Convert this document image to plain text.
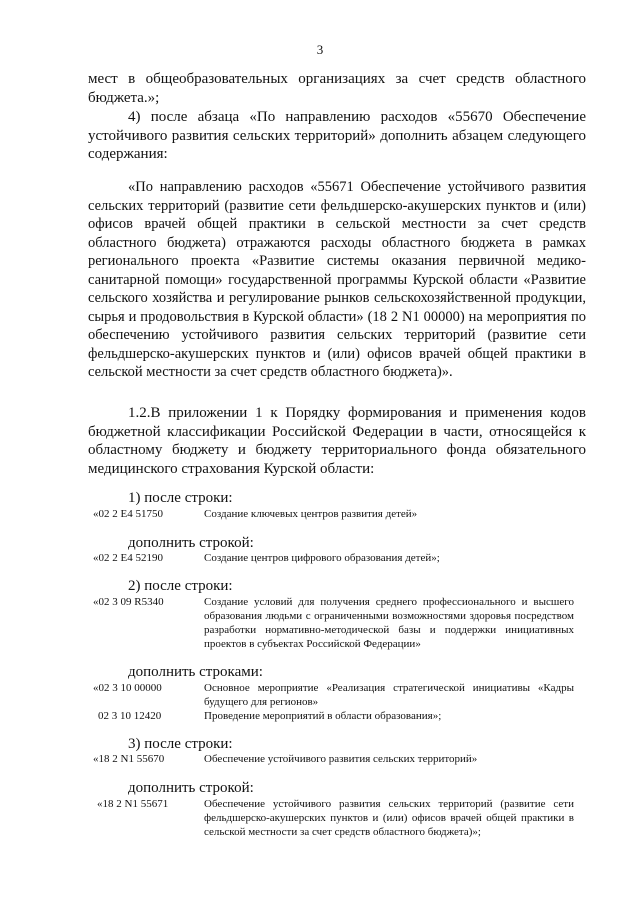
3

мест в общеобразовательных организациях за счет средств областного бюджета.»;

4) после абзаца «По направлению расходов «55670 Обеспечение устойчивого развития сельских территорий» дополнить абзацем следующего содержания:

«По направлению расходов «55671 Обеспечение устойчивого развития сельских территорий (развитие сети фельдшерско-акушерских пунктов и (или) офисов врачей общей практики в сельской местности за счет средств областного бюджета) отражаются расходы областного бюджета в рамках регионального проекта «Развитие системы оказания первичной медико-санитарной помощи» государственной программы Курской области «Развитие сельского хозяйства и регулирование рынков сельскохозяйственной продукции, сырья и продовольствия в Курской области» (18 2 N1 00000) на мероприятия по обеспечению устойчивого развития сельских территорий (развитие сети фельдшерско-акушерских пунктов и (или) офисов врачей общей практики в сельской местности за счет средств областного бюджета)».

1.2.В приложении 1 к Порядку формирования и применения кодов бюджетной классификации Российской Федерации в части, относящейся к областному бюджету и бюджету территориального фонда обязательного медицинского страхования Курской области:

1) после строки:
«02 2 E4 51750	Создание ключевых центров развития детей»
дополнить строкой:
«02 2 E4 52190	Создание центров цифрового образования детей»;
2) после строки:
«02 3 09 R5340	Создание условий для получения среднего профессионального и высшего образования людьми с ограниченными возможностями здоровья посредством разработки нормативно-методической базы и поддержки инициативных проектов в субъектах Российской Федерации»
дополнить строками:
«02 3 10 00000	Основное мероприятие «Реализация стратегической инициативы «Кадры будущего для регионов»
02 3 10 12420	Проведение мероприятий в области образования»;
3) после строки:
«18 2 N1 55670	Обеспечение устойчивого развития сельских территорий»
дополнить строкой:
«18 2 N1 55671	Обеспечение устойчивого развития сельских территорий (развитие сети фельдшерско-акушерских пунктов и (или) офисов врачей общей практики в сельской местности за счет средств областного бюджета)»;
